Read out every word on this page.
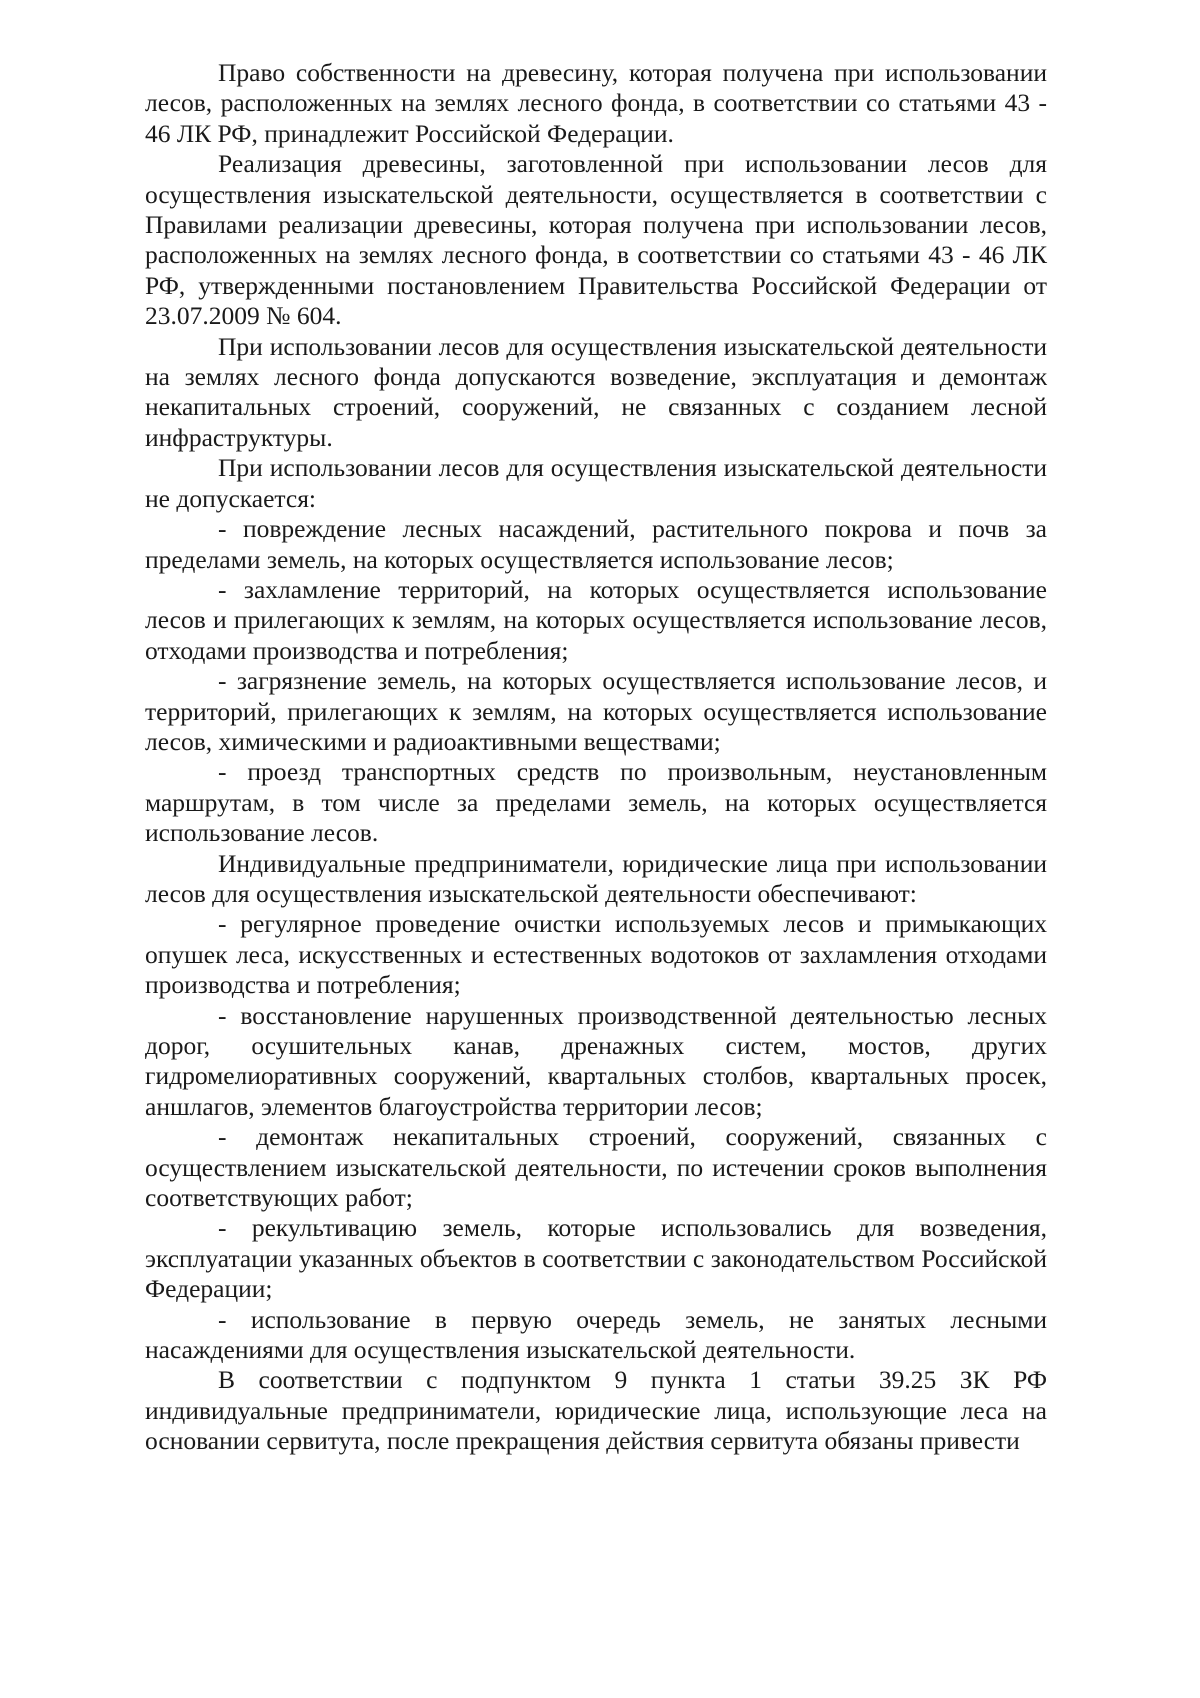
Право собственности на древесину, которая получена при использовании лесов, расположенных на землях лесного фонда, в соответствии со статьями 43 - 46 ЛК РФ, принадлежит Российской Федерации.

Реализация древесины, заготовленной при использовании лесов для осуществления изыскательской деятельности, осуществляется в соответствии с Правилами реализации древесины, которая получена при использовании лесов, расположенных на землях лесного фонда, в соответствии со статьями 43 - 46 ЛК РФ, утвержденными постановлением Правительства Российской Федерации от 23.07.2009 № 604.

При использовании лесов для осуществления изыскательской деятельности на землях лесного фонда допускаются возведение, эксплуатация и демонтаж некапитальных строений, сооружений, не связанных с созданием лесной инфраструктуры.

При использовании лесов для осуществления изыскательской деятельности не допускается:

- повреждение лесных насаждений, растительного покрова и почв за пределами земель, на которых осуществляется использование лесов;

- захламление территорий, на которых осуществляется использование лесов и прилегающих к землям, на которых осуществляется использование лесов, отходами производства и потребления;

- загрязнение земель, на которых осуществляется использование лесов, и территорий, прилегающих к землям, на которых осуществляется использование лесов, химическими и радиоактивными веществами;

- проезд транспортных средств по произвольным, неустановленным маршрутам, в том числе за пределами земель, на которых осуществляется использование лесов.

Индивидуальные предприниматели, юридические лица при использовании лесов для осуществления изыскательской деятельности обеспечивают:

- регулярное проведение очистки используемых лесов и примыкающих опушек леса, искусственных и естественных водотоков от захламления отходами производства и потребления;

- восстановление нарушенных производственной деятельностью лесных дорог, осушительных канав, дренажных систем, мостов, других гидромелиоративных сооружений, квартальных столбов, квартальных просек, аншлагов, элементов благоустройства территории лесов;

- демонтаж некапитальных строений, сооружений, связанных с осуществлением изыскательской деятельности, по истечении сроков выполнения соответствующих работ;

- рекультивацию земель, которые использовались для возведения, эксплуатации указанных объектов в соответствии с законодательством Российской Федерации;

- использование в первую очередь земель, не занятых лесными насаждениями для осуществления изыскательской деятельности.

В соответствии с подпунктом 9 пункта 1 статьи 39.25 ЗК РФ индивидуальные предприниматели, юридические лица, использующие леса на основании сервитута, после прекращения действия сервитута обязаны привести
